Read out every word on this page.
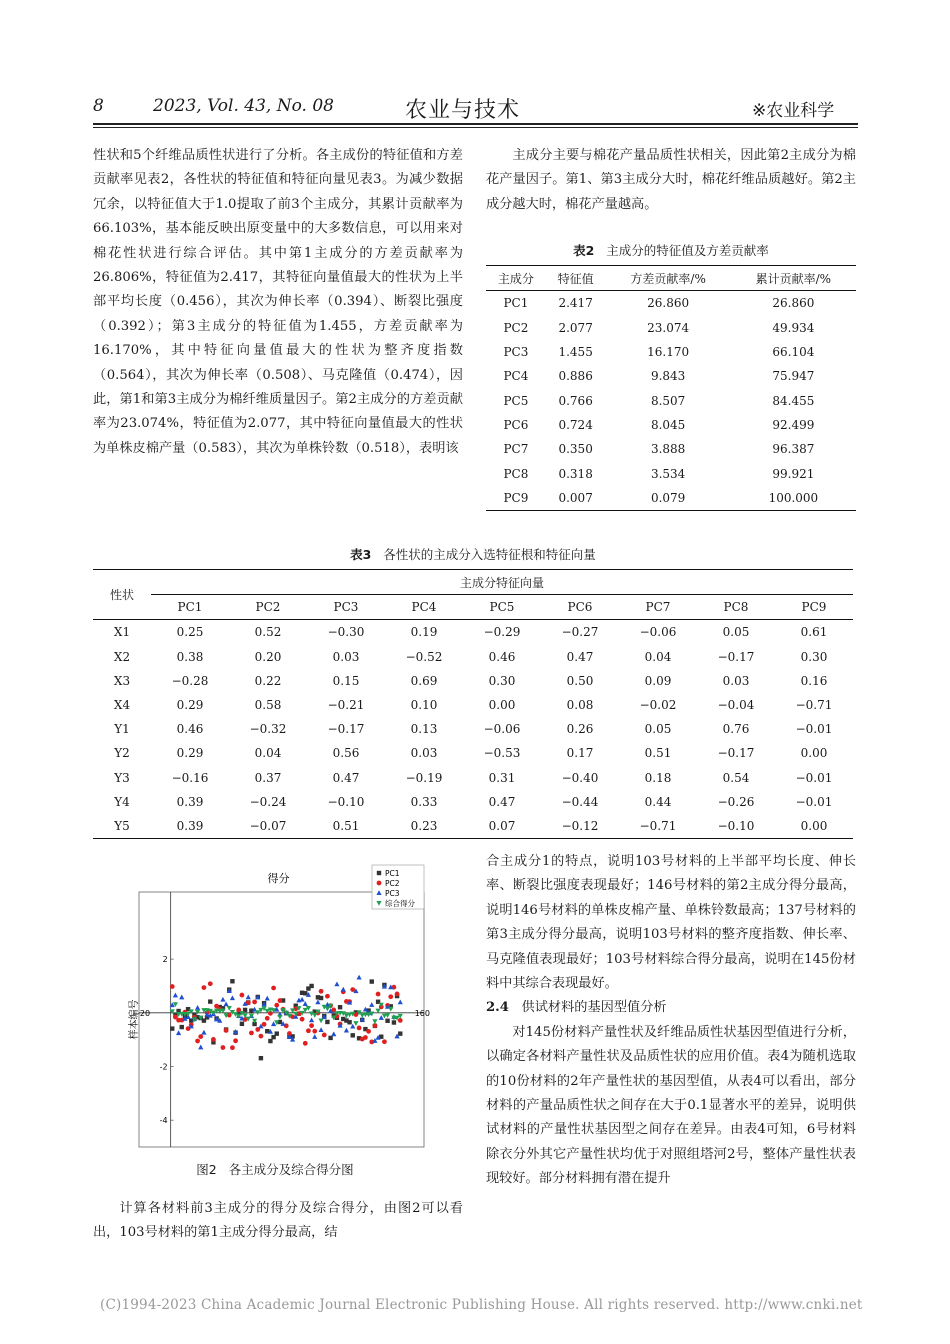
8	2023, Vol. 43, No. 08	农业与技术	※农业科学

性状和5个纤维品质性状进行了分析。各主成份的特征值和方差贡献率见表2，各性状的特征值和特征向量见表3。为减少数据冗余，以特征值大于1.0提取了前3个主成分，其累计贡献率为66.103%，基本能反映出原变量中的大多数信息，可以用来对棉花性状进行综合评估。其中第1主成分的方差贡献率为26.806%，特征值为2.417，其特征向量值最大的性状为上半部平均长度（0.456），其次为伸长率（0.394）、断裂比强度（0.392）；第3主成分的特征值为1.455，方差贡献率为16.170%，其中特征向量值最大的性状为整齐度指数（0.564），其次为伸长率（0.508）、马克隆值（0.474），因此，第1和第3主成分为棉纤维质量因子。第2主成分的方差贡献率为23.074%，特征值为2.077，其中特征向量值最大的性状为单株皮棉产量（0.583），其次为单株铃数（0.518），表明该

主成分主要与棉花产量品质性状相关，因此第2主成分为棉花产量因子。第1、第3主成分大时，棉花纤维品质越好。第2主成分越大时，棉花产量越高。

表2 主成分的特征值及方差贡献率
主成分	特征值	方差贡献率/%	累计贡献率/%
PC1	2.417	26.860	26.860
PC2	2.077	23.074	49.934
PC3	1.455	16.170	66.104
PC4	0.886	9.843	75.947
PC5	0.766	8.507	84.455
PC6	0.724	8.045	92.499
PC7	0.350	3.888	96.387
PC8	0.318	3.534	99.921
PC9	0.007	0.079	100.000
表3 各性状的主成分入选特征根和特征向量
性状	主成分特征向量								
	PC1	PC2	PC3	PC4	PC5	PC6	PC7	PC8	PC9
X1	0.25	0.52	−0.30	0.19	−0.29	−0.27	−0.06	0.05	0.61
X2	0.38	0.20	0.03	−0.52	0.46	0.47	0.04	−0.17	0.30
X3	−0.28	0.22	0.15	0.69	0.30	0.50	0.09	0.03	0.16
X4	0.29	0.58	−0.21	0.10	0.00	0.08	−0.02	−0.04	−0.71
Y1	0.46	−0.32	−0.17	0.13	−0.06	0.26	0.05	0.76	−0.01
Y2	0.29	0.04	0.56	0.03	−0.53	0.17	0.51	−0.17	0.00
Y3	−0.16	0.37	0.47	−0.19	0.31	−0.40	0.18	0.54	−0.01
Y4	0.39	−0.24	−0.10	0.33	0.47	−0.44	0.44	−0.26	−0.01
Y5	0.39	−0.07	0.51	0.23	0.07	−0.12	−0.71	−0.10	0.00
得分
样本编号
-20	160
2
-2
-4
PC1
PC2
PC3
综合得分
图2 各主成分及综合得分图

计算各材料前3主成分的得分及综合得分，由图2可以看出，103号材料的第1主成分得分最高，结

合主成分1的特点，说明103号材料的上半部平均长度、伸长率、断裂比强度表现最好；146号材料的第2主成分得分最高，说明146号材料的单株皮棉产量、单株铃数最高；137号材料的第3主成分得分最高，说明103号材料的整齐度指数、伸长率、马克隆值表现最好；103号材料综合得分最高，说明在145份材料中其综合表现最好。

2.4 供试材料的基因型值分析

对145份材料产量性状及纤维品质性状基因型值进行分析，以确定各材料产量性状及品质性状的应用价值。表4为随机选取的10份材料的2年产量性状的基因型值，从表4可以看出，部分材料的产量品质性状之间存在大于0.1显著水平的差异，说明供试材料的产量性状基因型之间存在差异。由表4可知，6号材料除衣分外其它产量性状均优于对照组塔河2号，整体产量性状表现较好。部分材料拥有潜在提升

(C)1994-2023 China Academic Journal Electronic Publishing House. All rights reserved. http://www.cnki.net
